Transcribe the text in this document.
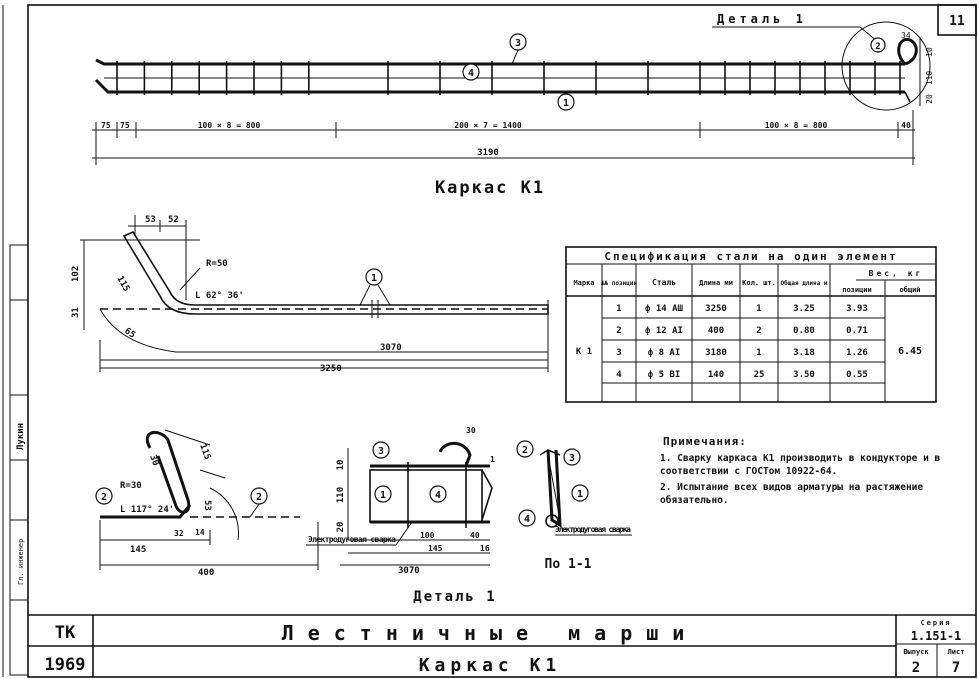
Лукин
Гл. инженер
11
Деталь 1
3
4
1
2	10
110
20
34
75 75	100 × 8 = 800	200 × 7 = 1400	100 × 8 = 800	40
3190
Каркас К1
53 52
31
102
115
65
R=50
L 62° 36'
3070
3250
1
Спецификация стали на один элемент
Марка №№ позиции Сталь	Длина мм Кол. шт. Общая длина м
Вес, кг
позиции	общий
К 1	6.45
1	ф 14 АШ 3250	1	3.25	3.93
2	ф 12 АI	400	2	0.80	0.71
3	ф 8 АI	3180	1	3.18	1.26
4	ф 5 ВI	140	25	3.50	0.55
30	115
53
32 14
145
400
R=30
L 117° 24'
2	2
Деталь 1
10
110
20
100	40
145	16
30
1
3070
3
4
1
Электродуговая сварка
2
3
1
4
Электродуговая сварка
По 1-1
Примечания:
1. Сварку каркаса К1 производить в кондукторе и в соответствии с ГОСТом 10922-64.
2. Испытание всех видов арматуры на растяжение обязательно.
ТК
1969
Лестничные марши
Каркас К1
Серия
1.151-1
Выпуск
2
Лист
7
